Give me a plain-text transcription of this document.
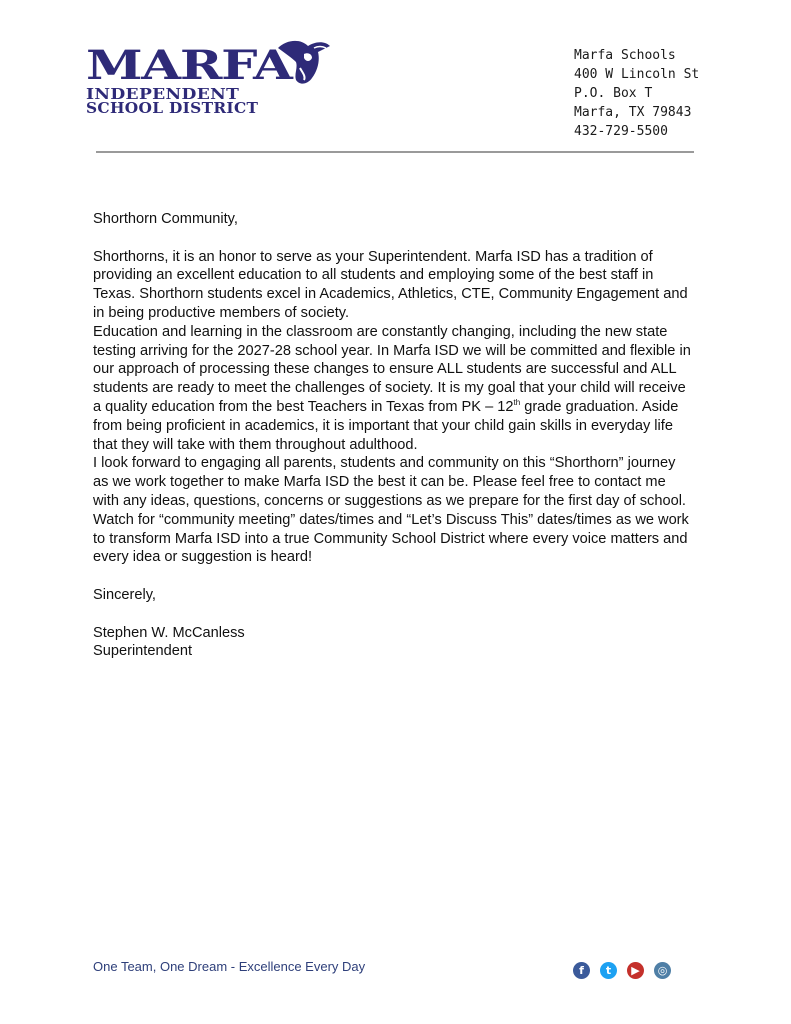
MARFA
INDEPENDENT
SCHOOL DISTRICT
Marfa Schools
400 W Lincoln St
P.O. Box T
Marfa, TX 79843
432-729-5500

Shorthorn Community,

Shorthorns, it is an honor to serve as your Superintendent. Marfa ISD has a tradition of providing an excellent education to all students and employing some of the best staff in Texas. Shorthorn students excel in Academics, Athletics, CTE, Community Engagement and in being productive members of society.

Education and learning in the classroom are constantly changing, including the new state testing arriving for the 2027-28 school year. In Marfa ISD we will be committed and flexible in our approach of processing these changes to ensure ALL students are successful and ALL students are ready to meet the challenges of society. It is my goal that your child will receive a quality education from the best Teachers in Texas from PK – 12th grade graduation. Aside from being proficient in academics, it is important that your child gain skills in everyday life that they will take with them throughout adulthood.

I look forward to engaging all parents, students and community on this “Shorthorn” journey as we work together to make Marfa ISD the best it can be. Please feel free to contact me with any ideas, questions, concerns or suggestions as we prepare for the first day of school. Watch for “community meeting” dates/times and “Let’s Discuss This” dates/times as we work to transform Marfa ISD into a true Community School District where every voice matters and every idea or suggestion is heard!

Sincerely,

Stephen W. McCanless

Superintendent

One Team, One Dream - Excellence Every Day	f	t	▶	◎
